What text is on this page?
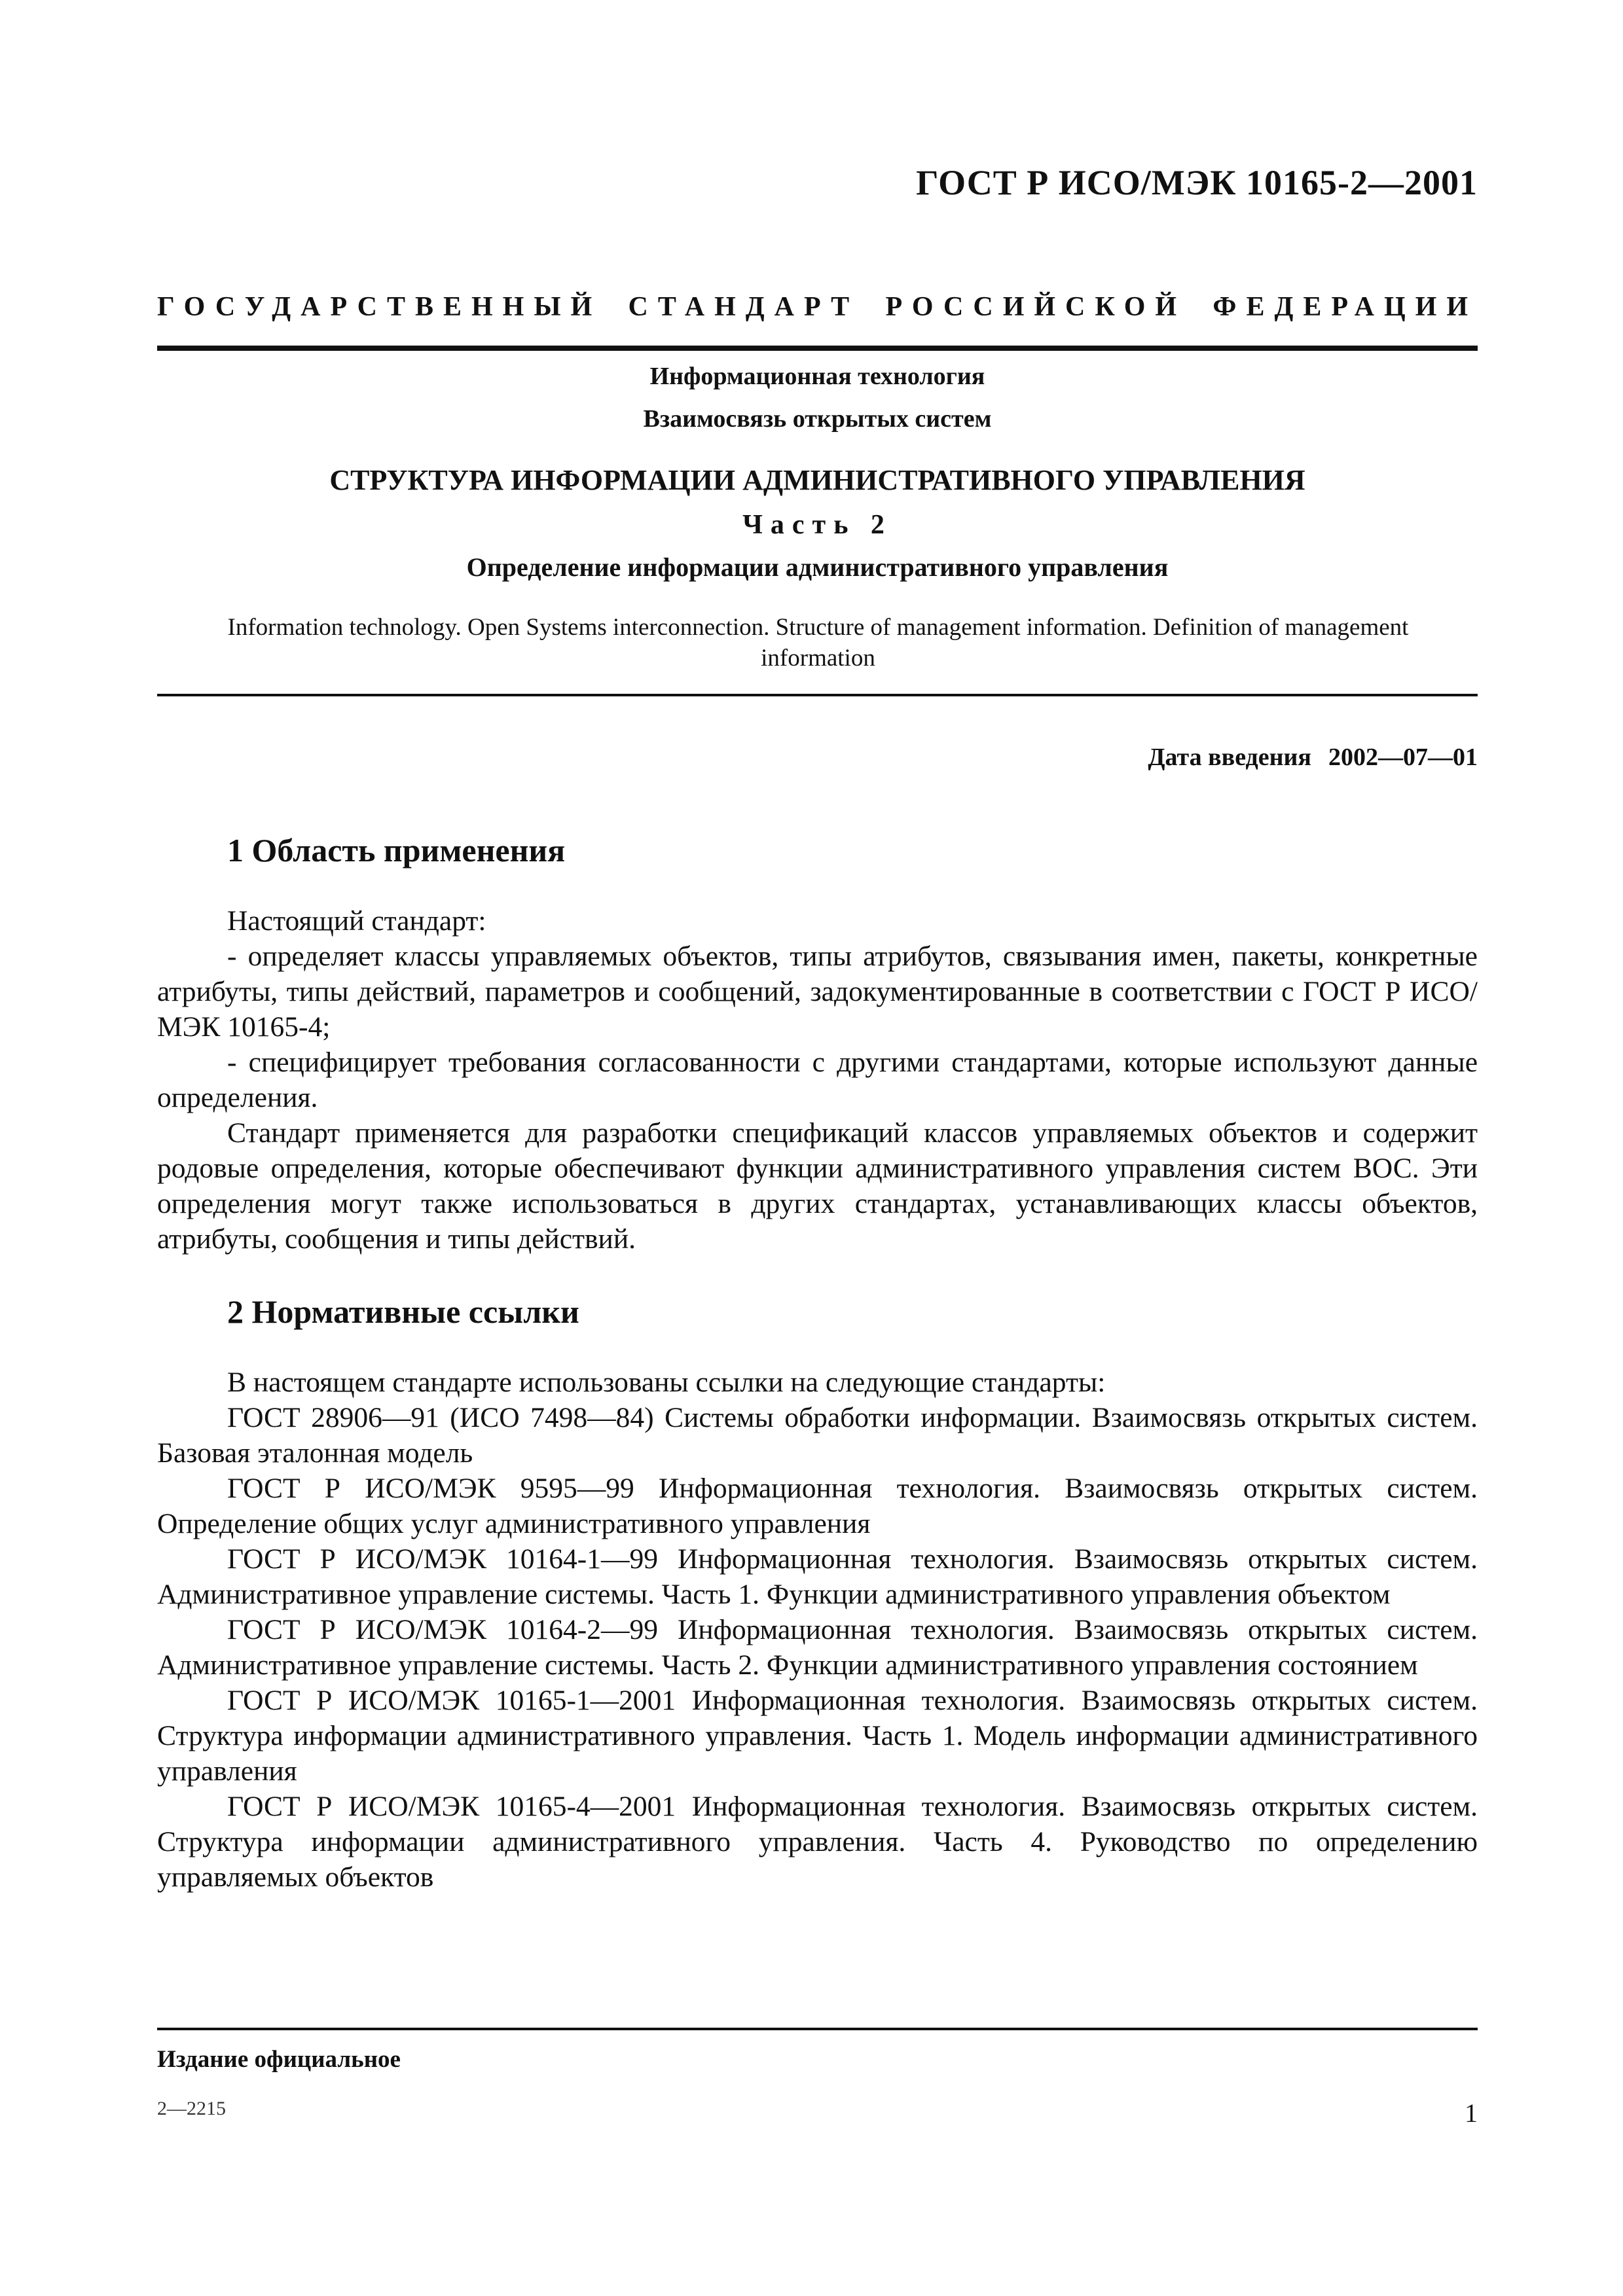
ГОСТ Р ИСО/МЭК 10165-2—2001
ГОСУДАРСТВЕННЫЙ СТАНДАРТ РОССИЙСКОЙ ФЕДЕРАЦИИ
Информационная технология
Взаимосвязь открытых систем
СТРУКТУРА ИНФОРМАЦИИ АДМИНИСТРАТИВНОГО УПРАВЛЕНИЯ
Часть 2
Определение информации административного управления
Information technology. Open Systems interconnection. Structure of management information. Definition of management information
Дата введения 2002—07—01
1 Область применения

Настоящий стандарт:

- определяет классы управляемых объектов, типы атрибутов, связывания имен, пакеты, конкретные атрибуты, типы действий, параметров и сообщений, задокументированные в соответствии с ГОСТ Р ИСО/МЭК 10165-4;

- специфицирует требования согласованности с другими стандартами, которые используют данные определения.

Стандарт применяется для разработки спецификаций классов управляемых объектов и содержит родовые определения, которые обеспечивают функции административного управления систем ВОС. Эти определения могут также использоваться в других стандартах, устанавливающих классы объектов, атрибуты, сообщения и типы действий.

2 Нормативные ссылки

В настоящем стандарте использованы ссылки на следующие стандарты:

ГОСТ 28906—91 (ИСО 7498—84) Системы обработки информации. Взаимосвязь открытых систем. Базовая эталонная модель

ГОСТ Р ИСО/МЭК 9595—99 Информационная технология. Взаимосвязь открытых систем. Определение общих услуг административного управления

ГОСТ Р ИСО/МЭК 10164-1—99 Информационная технология. Взаимосвязь открытых систем. Административное управление системы. Часть 1. Функции административного управления объектом

ГОСТ Р ИСО/МЭК 10164-2—99 Информационная технология. Взаимосвязь открытых систем. Административное управление системы. Часть 2. Функции административного управления состоянием

ГОСТ Р ИСО/МЭК 10165-1—2001 Информационная технология. Взаимосвязь открытых систем. Структура информации административного управления. Часть 1. Модель информации административного управления

ГОСТ Р ИСО/МЭК 10165-4—2001 Информационная технология. Взаимосвязь открытых систем. Структура информации административного управления. Часть 4. Руководство по определению управляемых объектов

Издание официальное
2—2215	1
